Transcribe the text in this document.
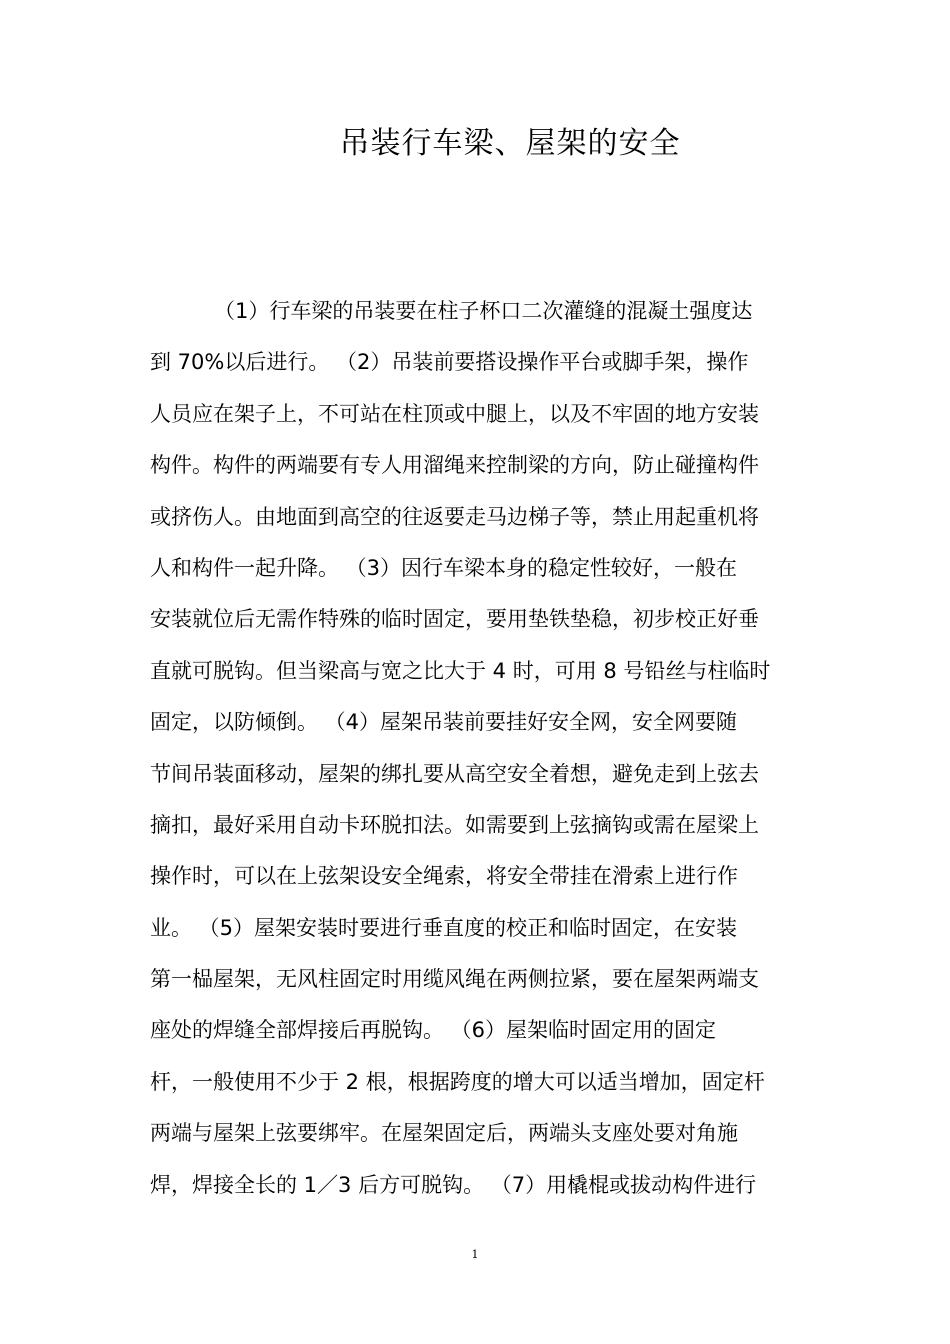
吊装行车梁、屋架的安全
（1）行车梁的吊装要在柱子杯口二次灌缝的混凝土强度达
到 70%以后进行。 （2）吊装前要搭设操作平台或脚手架，操作
人员应在架子上，不可站在柱顶或中腿上，以及不牢固的地方安装
构件。构件的两端要有专人用溜绳来控制梁的方向，防止碰撞构件
或挤伤人。由地面到高空的往返要走马边梯子等，禁止用起重机将
人和构件一起升降。 （3）因行车梁本身的稳定性较好，一般在
安装就位后无需作特殊的临时固定，要用垫铁垫稳，初步校正好垂
直就可脱钩。但当梁高与宽之比大于 4 时，可用 8 号铅丝与柱临时
固定，以防倾倒。 （4）屋架吊装前要挂好安全网，安全网要随
节间吊装面移动，屋架的绑扎要从高空安全着想，避免走到上弦去
摘扣，最好采用自动卡环脱扣法。如需要到上弦摘钩或需在屋梁上
操作时，可以在上弦架设安全绳索，将安全带挂在滑索上进行作
业。 （5）屋架安装时要进行垂直度的校正和临时固定，在安装
第一榀屋架，无风柱固定时用缆风绳在两侧拉紧，要在屋架两端支
座处的焊缝全部焊接后再脱钩。 （6）屋架临时固定用的固定
杆，一般使用不少于 2 根，根据跨度的增大可以适当增加，固定杆
两端与屋架上弦要绑牢。在屋架固定后，两端头支座处要对角施
焊，焊接全长的 1／3 后方可脱钩。 （7）用橇棍或拔动构件进行
1
